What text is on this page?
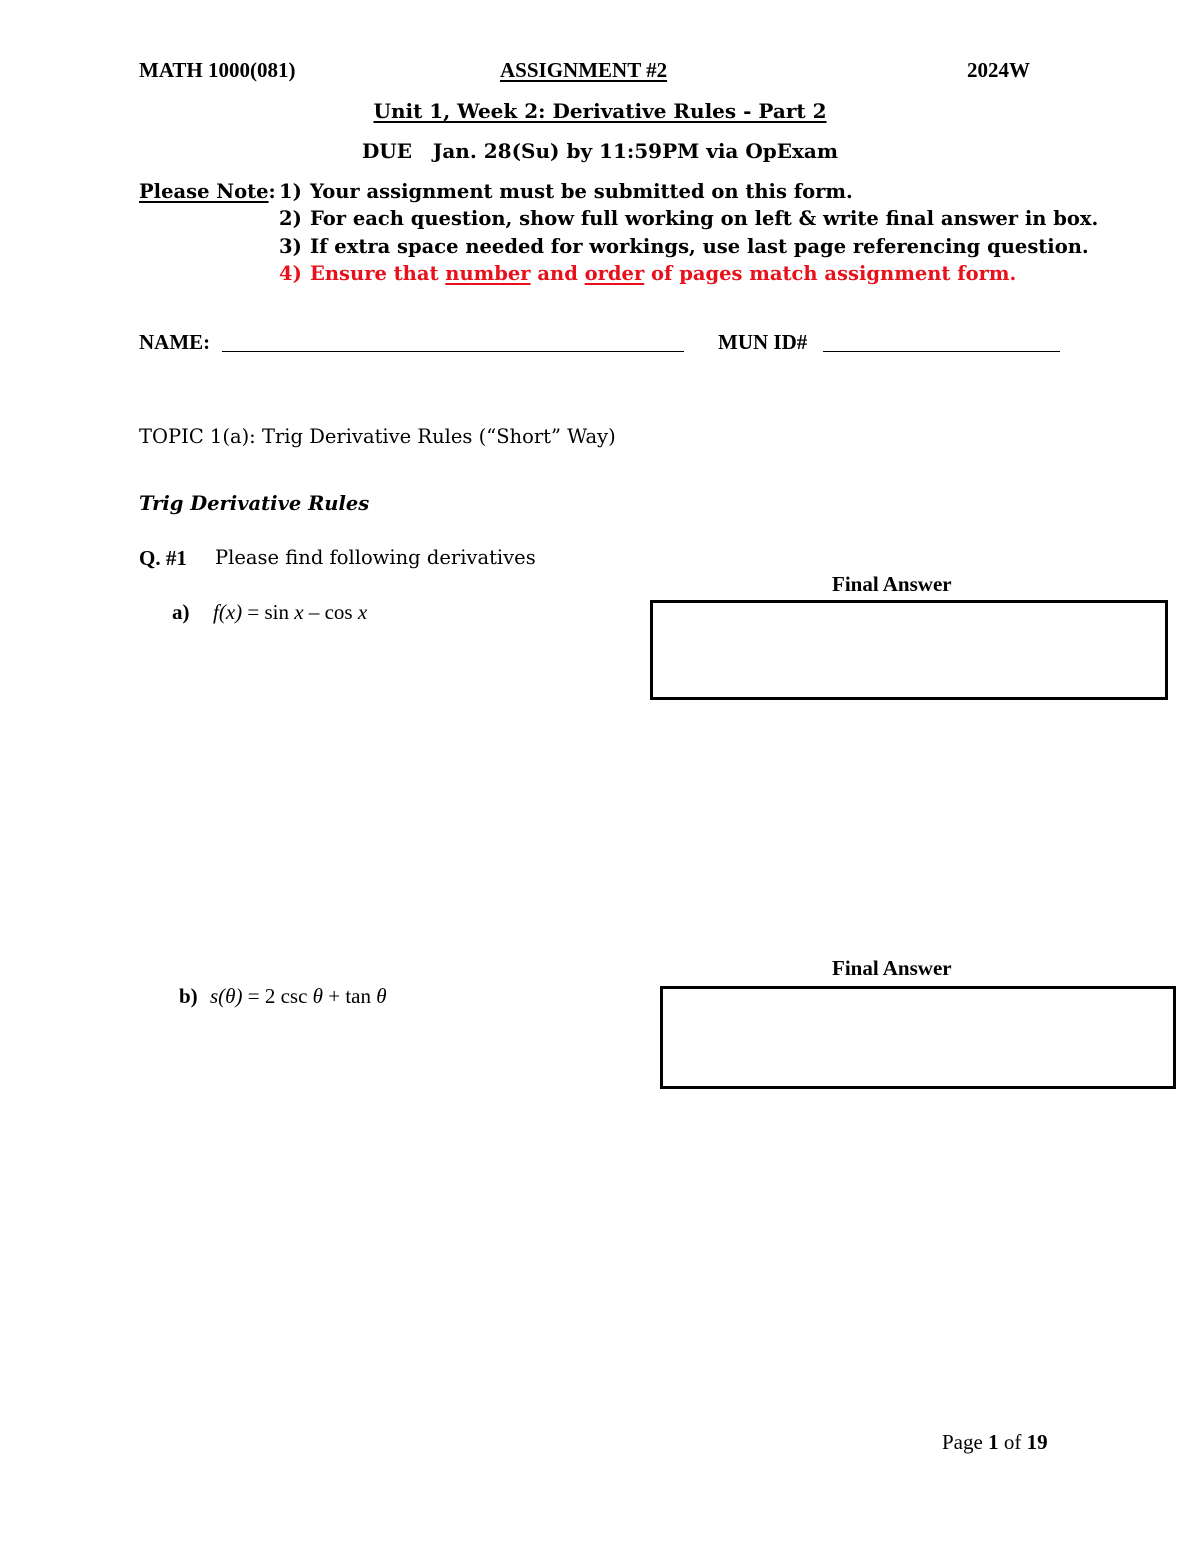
MATH 1000(081)	ASSIGNMENT #2	2024W
Unit 1, Week 2: Derivative Rules - Part 2
DUE Jan. 28(Su) by 11:59PM via OpExam
Please Note: 1) Your assignment must be submitted on this form.
2) For each question, show full working on left & write final answer in box.
3) If extra space needed for workings, use last page referencing question.
4) Ensure that number and order of pages match assignment form.
NAME:	MUN ID#
TOPIC 1(a): Trig Derivative Rules (“Short” Way)
Trig Derivative Rules
Q. #1 Please find following derivatives
Final Answer
a) f(x) = sin x – cos x
Final Answer
b) s(θ) = 2 csc θ + tan θ
Page 1 of 19
